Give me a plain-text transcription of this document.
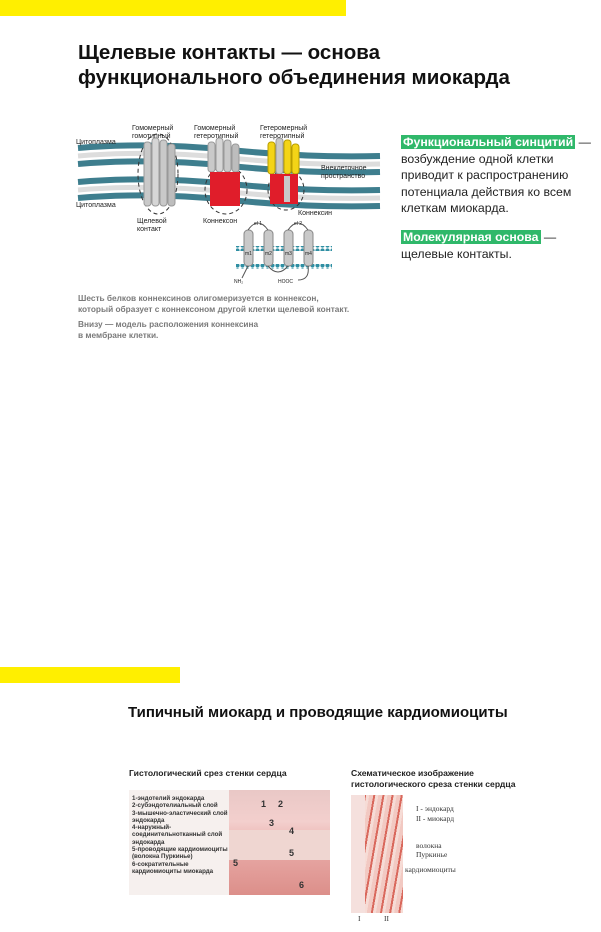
Щелевые контакты — основа функционального объединения миокарда
Гомомерный гомотипный
Гомомерный гетеротипный
Гетеромерный гетеротипный
Цитоплазма
Цитоплазма
Внеклеточное пространство
Щелевой контакт
Коннексон
Коннексин
el 1	el 2
m1	m2	m3	m4
NH₂	HOOC
Шесть белков коннексинов олигомеризуется в коннексон,
который образует с коннексоном другой клетки щелевой контакт.
Внизу — модель расположения коннексина
в мембране клетки.
Функциональный синцитий — возбуждение одной клетки приводит к распространению потенциала действия ко всем клеткам миокарда.
Молекулярная основа — щелевые контакты.
Типичный миокард и проводящие кардиомиоциты
Гистологический срез стенки сердца
1-эндотелий эндокарда
2-субэндотелиальный слой
3-мышечно-эластический слой эндокарда
4-наружный- соединительнотканный слой эндокарда
5-проводящие кардиомиоциты (волокна Пуркинье)
6-сократительные кардиомиоциты миокарда
1 2
3
4
5
5
6
Схематическое изображение
гистологического среза стенки сердца
I - эндокард
II - миокард
волокна Пуркинье
кардиомиоциты
I	II
